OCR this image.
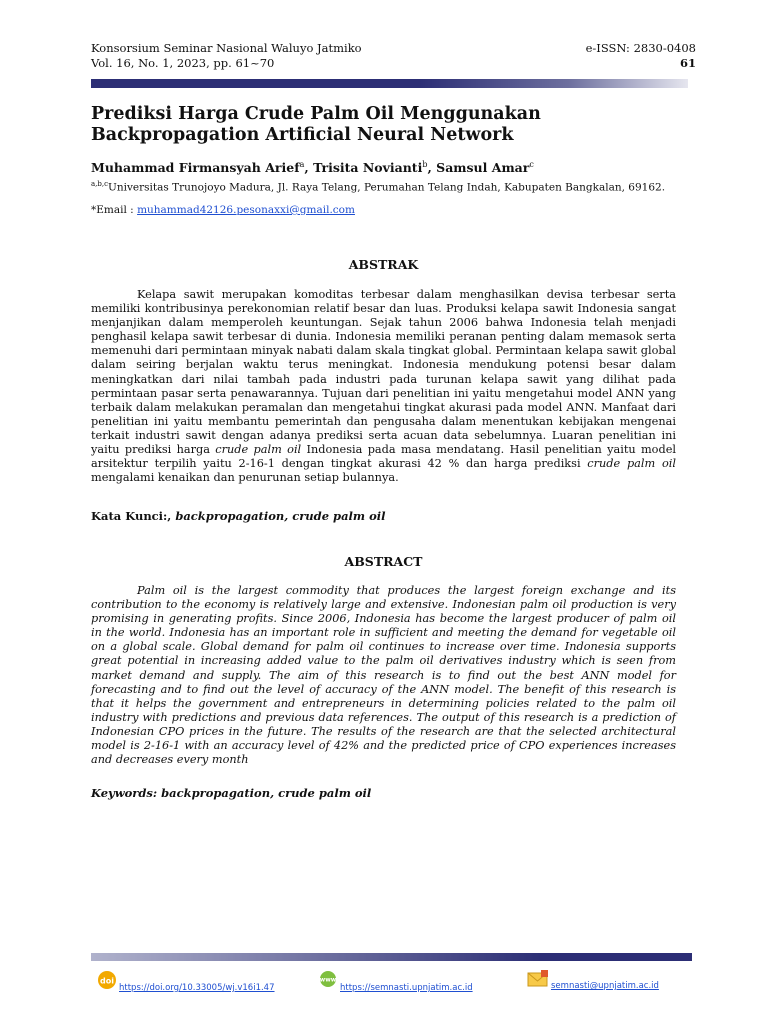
Konsorsium Seminar Nasional Waluyo Jatmiko	e-ISSN: 2830-0408
Vol. 16, No. 1, 2023, pp. 61~70	61
Prediksi Harga Crude Palm Oil Menggunakan
Backpropagation Artificial Neural Network

Muhammad Firmansyah Arief$^a$, Trisita Novianti$^b$, Samsul Amar$^c$

$^{a,b,c}$Universitas Trunojoyo Madura, Jl. Raya Telang, Perumahan Telang Indah, Kabupaten Bangkalan, 69162.

*Email : muhammad42126.pesonaxxi@gmail.com

ABSTRAK

Kelapa sawit merupakan komoditas terbesar dalam menghasilkan devisa terbesar serta memiliki kontribusinya perekonomian relatif besar dan luas. Produksi kelapa sawit Indonesia sangat menjanjikan dalam memperoleh keuntungan. Sejak tahun 2006 bahwa Indonesia telah menjadi penghasil kelapa sawit terbesar di dunia. Indonesia memiliki peranan penting dalam memasok serta memenuhi dari permintaan minyak nabati dalam skala tingkat global. Permintaan kelapa sawit global dalam seiring berjalan waktu terus meningkat. Indonesia mendukung potensi besar dalam meningkatkan dari nilai tambah pada industri pada turunan kelapa sawit yang dilihat pada permintaan pasar serta penawarannya. Tujuan dari penelitian ini yaitu mengetahui model ANN yang terbaik dalam melakukan peramalan dan mengetahui tingkat akurasi pada model ANN. Manfaat dari penelitian ini yaitu membantu pemerintah dan pengusaha dalam menentukan kebijakan mengenai terkait industri sawit dengan adanya prediksi serta acuan data sebelumnya. Luaran penelitian ini yaitu prediksi harga crude palm oil Indonesia pada masa mendatang. Hasil penelitian yaitu model arsitektur terpilih yaitu 2-16-1 dengan tingkat akurasi 42 % dan harga prediksi crude palm oil mengalami kenaikan dan penurunan setiap bulannya.

Kata Kunci:, backpropagation, crude palm oil

ABSTRACT

Palm oil is the largest commodity that produces the largest foreign exchange and its contribution to the economy is relatively large and extensive. Indonesian palm oil production is very promising in generating profits. Since 2006, Indonesia has become the largest producer of palm oil in the world. Indonesia has an important role in sufficient and meeting the demand for vegetable oil on a global scale. Global demand for palm oil continues to increase over time. Indonesia supports great potential in increasing added value to the palm oil derivatives industry which is seen from market demand and supply. The aim of this research is to find out the best ANN model for forecasting and to find out the level of accuracy of the ANN model. The benefit of this research is that it helps the government and entrepreneurs in determining policies related to the palm oil industry with predictions and previous data references. The output of this research is a prediction of Indonesian CPO prices in the future. The results of the research are that the selected architectural model is 2-16-1 with an accuracy level of 42% and the predicted price of CPO experiences increases and decreases every month

Keywords: backpropagation, crude palm oil

doi
https://doi.org/10.33005/wj.v16i1.47
www
https://semnasti.upnjatim.ac.id	semnasti@upnjatim.ac.id
